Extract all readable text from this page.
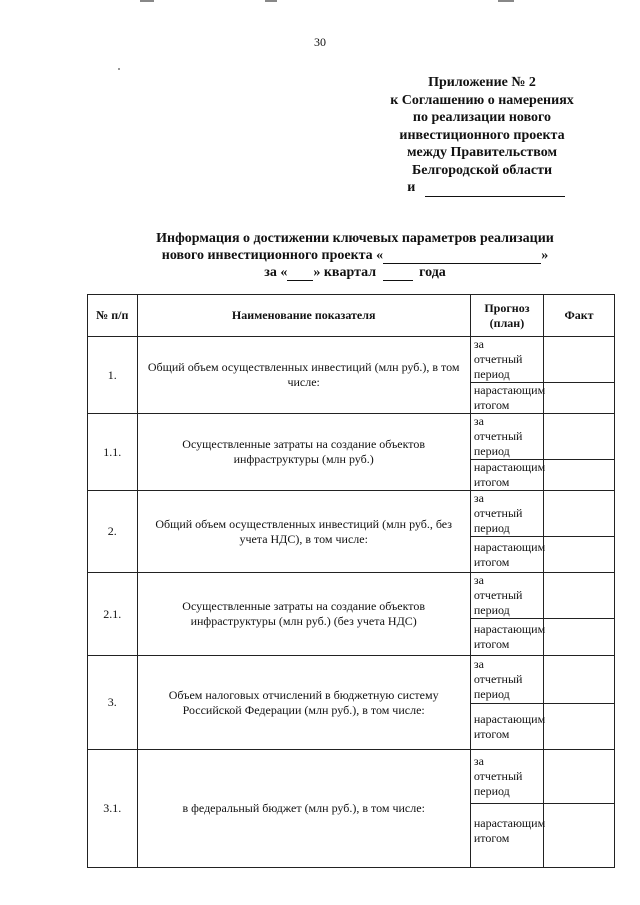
30
Приложение № 2
к Соглашению о намерениях
по реализации нового
инвестиционного проекта
между Правительством
Белгородской области
и
Информация о достижении ключевых параметров реализации
нового инвестиционного проекта «	»
за « » квартал	года
№ п/п	Наименование показателя	Прогноз (план)	Факт
1.	Общий объем осуществленных инвестиций (млн руб.), в том числе:	за отчетный период		
		нарастающим итогом		
1.1.	Осуществленные затраты на создание объектов инфраструктуры (млн руб.)	за отчетный период		
		нарастающим итогом		
2.	Общий объем осуществленных инвестиций (млн руб., без учета НДС), в том числе:	за отчетный период		
		нарастающим итогом		
2.1.	Осуществленные затраты на создание объектов инфраструктуры (млн руб.) (без учета НДС)	за отчетный период		
		нарастающим итогом		
3.	Объем налоговых отчислений в бюджетную систему Российской Федерации (млн руб.), в том числе:	за отчетный период		
		нарастающим итогом		
3.1.	в федеральный бюджет (млн руб.), в том числе:	за отчетный период		
		нарастающим итогом		
